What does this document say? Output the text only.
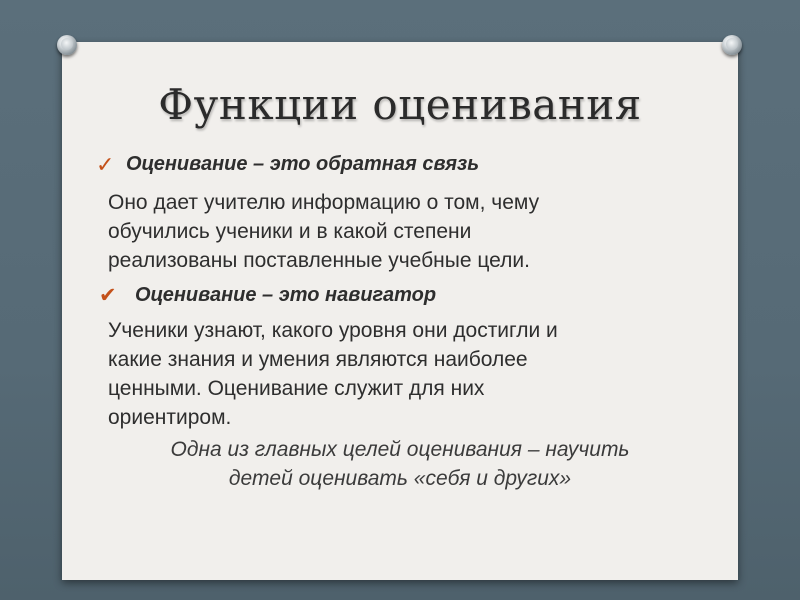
Функции оценивания
✓ Оценивание – это обратная связь
Оно дает учителю информацию о том, чему
обучились ученики и в какой степени
реализованы поставленные учебные цели.
✔ Оценивание – это навигатор
Ученики узнают, какого уровня они достигли и
какие знания и умения являются наиболее
ценными. Оценивание служит для них
ориентиром.
Одна из главных целей оценивания – научить
детей оценивать «себя и других»
